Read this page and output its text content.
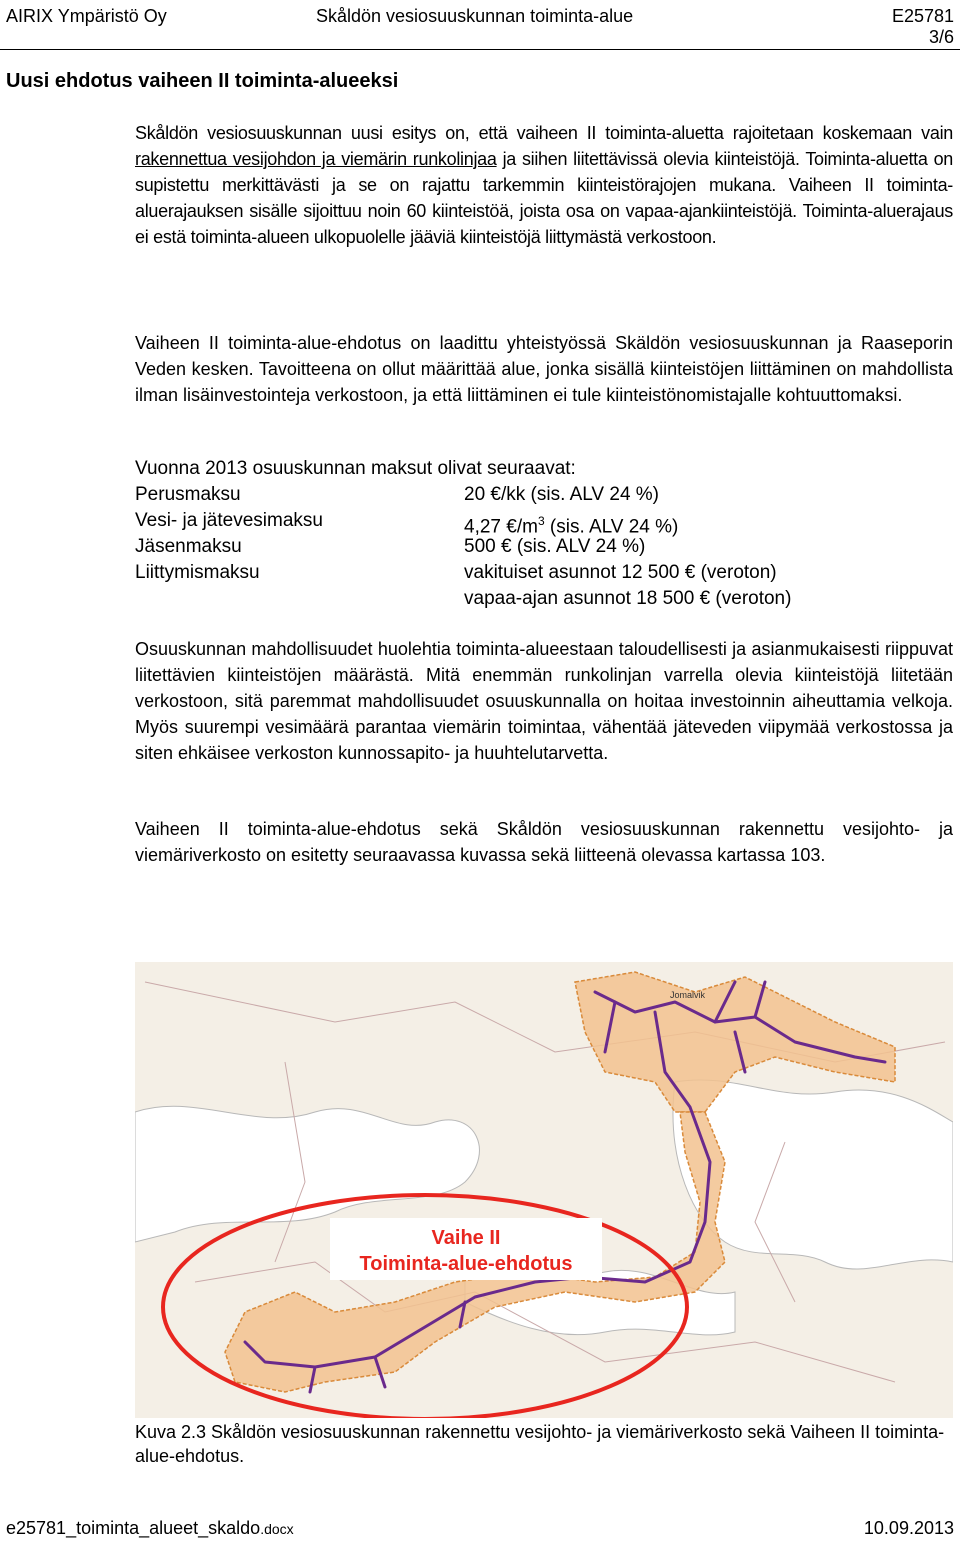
AIRIX Ympäristö Oy	Skåldön vesiosuuskunnan toiminta-alue	E25781
3/6
Uusi ehdotus vaiheen II toiminta-alueeksi
Skåldön vesiosuuskunnan uusi esitys on, että vaiheen II toiminta-aluetta rajoitetaan koskemaan vain rakennettua vesijohdon ja viemärin runkolinjaa ja siihen liitettävissä olevia kiinteistöjä. Toiminta-aluetta on supistettu merkittävästi ja se on rajattu tarkemmin kiinteistörajojen mukana. Vaiheen II toiminta-aluerajauksen sisälle sijoittuu noin 60 kiinteistöä, joista osa on vapaa-ajankiinteistöjä. Toiminta-aluerajaus ei estä toiminta-alueen ulkopuolelle jääviä kiinteistöjä liittymästä verkostoon.
Vaiheen II toiminta-alue-ehdotus on laadittu yhteistyössä Skäldön vesiosuuskunnan ja Raaseporin Veden kesken. Tavoitteena on ollut määrittää alue, jonka sisällä kiinteistöjen liittäminen on mahdollista ilman lisäinvestointeja verkostoon, ja että liittäminen ei tule kiinteistönomistajalle kohtuuttomaksi.
Vuonna 2013 osuuskunnan maksut olivat seuraavat:
Perusmaksu	20 €/kk (sis. ALV 24 %)
Vesi- ja jätevesimaksu	4,27 $€/m^3$ (sis. ALV 24 %)
Jäsenmaksu	500 € (sis. ALV 24 %)
Liittymismaksu	vakituiset asunnot 12 500 € (veroton)
vapaa-ajan asunnot 18 500 € (veroton)
Osuuskunnan mahdollisuudet huolehtia toiminta-alueestaan taloudellisesti ja asianmukaisesti riippuvat liitettävien kiinteistöjen määrästä. Mitä enemmän runkolinjan varrella olevia kiinteistöjä liitetään verkostoon, sitä paremmat mahdollisuudet osuuskunnalla on hoitaa investoinnin aiheuttamia velkoja. Myös suurempi vesimäärä parantaa viemärin toimintaa, vähentää jäteveden viipymää verkostossa ja siten ehkäisee verkoston kunnossapito- ja huuhtelutarvetta.
Vaiheen II toiminta-alue-ehdotus sekä Skåldön vesiosuuskunnan rakennettu vesijohto- ja viemäriverkosto on esitetty seuraavassa kuvassa sekä liitteenä olevassa kartassa 103.
Vaihe II
Toiminta-alue-ehdotus
Jomalvik
Kuva 2.3 Skåldön vesiosuuskunnan rakennettu vesijohto- ja viemäriverkosto sekä Vaiheen II toiminta-alue-ehdotus.
e25781_toiminta_alueet_skaldo.docx	10.09.2013
